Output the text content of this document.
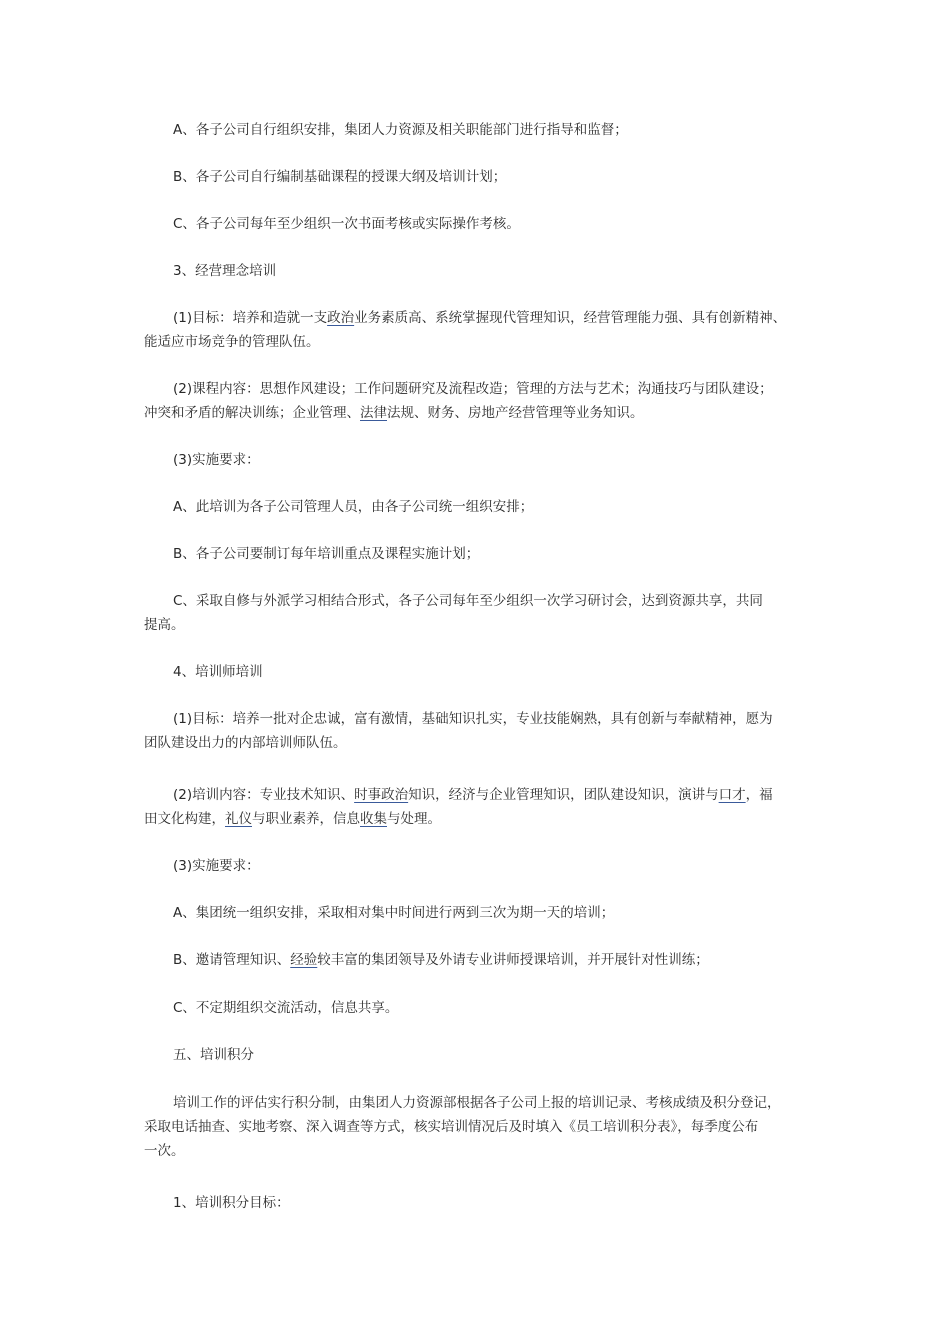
A、各子公司自行组织安排，集团人力资源及相关职能部门进行指导和监督；

B、各子公司自行编制基础课程的授课大纲及培训计划；

C、各子公司每年至少组织一次书面考核或实际操作考核。

3、经营理念培训

(1)目标：培养和造就一支政治业务素质高、系统掌握现代管理知识，经营管理能力强、具有创新精神、
能适应市场竞争的管理队伍。

(2)课程内容：思想作风建设；工作问题研究及流程改造；管理的方法与艺术；沟通技巧与团队建设；
冲突和矛盾的解决训练；企业管理、法律法规、财务、房地产经营管理等业务知识。

(3)实施要求：

A、此培训为各子公司管理人员，由各子公司统一组织安排；

B、各子公司要制订每年培训重点及课程实施计划；

C、采取自修与外派学习相结合形式，各子公司每年至少组织一次学习研讨会，达到资源共享，共同
提高。

4、培训师培训

(1)目标：培养一批对企忠诚，富有激情，基础知识扎实，专业技能娴熟，具有创新与奉献精神，愿为
团队建设出力的内部培训师队伍。

(2)培训内容：专业技术知识、时事政治知识，经济与企业管理知识，团队建设知识，演讲与口才，福
田文化构建，礼仪与职业素养，信息收集与处理。

(3)实施要求：

A、集团统一组织安排，采取相对集中时间进行两到三次为期一天的培训；

B、邀请管理知识、经验较丰富的集团领导及外请专业讲师授课培训，并开展针对性训练；

C、不定期组织交流活动，信息共享。

五、培训积分

培训工作的评估实行积分制，由集团人力资源部根据各子公司上报的培训记录、考核成绩及积分登记，
采取电话抽查、实地考察、深入调查等方式，核实培训情况后及时填入《员工培训积分表》，每季度公布
一次。

1、培训积分目标：
